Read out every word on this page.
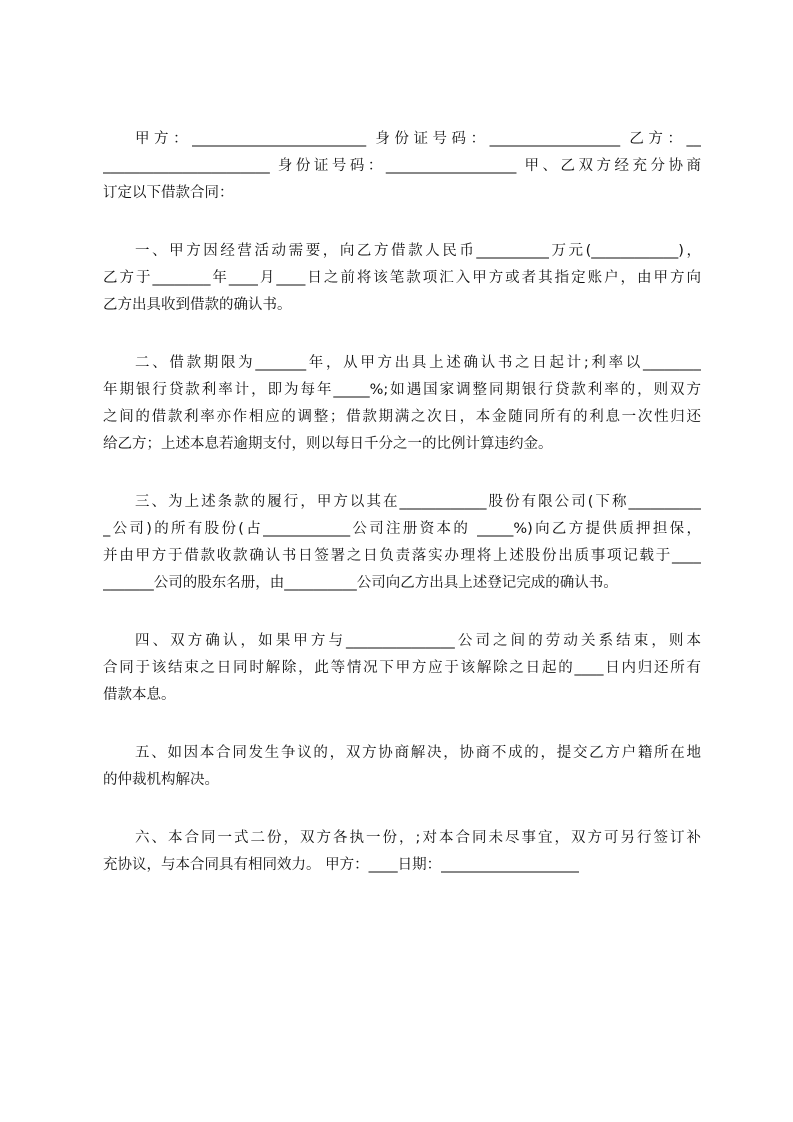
甲方：________________________ 身份证号码：__________________ 乙方：__
_______________________ 身份证号码：__________________ 甲、乙双方经充分协商
订定以下借款合同：
一、甲方因经营活动需要，向乙方借款人民币__________万元(____________)，
乙方于________年____月____日之前将该笔款项汇入甲方或者其指定账户，由甲方向
乙方出具收到借款的确认书。
二、借款期限为_______年，从甲方出具上述确认书之日起计;利率以________
年期银行贷款利率计，即为每年_____%;如遇国家调整同期银行贷款利率的，则双方
之间的借款利率亦作相应的调整；借款期满之次日，本金随同所有的利息一次性归还
给乙方；上述本息若逾期支付，则以每日千分之一的比例计算违约金。
三、为上述条款的履行，甲方以其在____________股份有限公司(下称__________
_公司)的所有股份(占____________公司注册资本的 _____%)向乙方提供质押担保，
并由甲方于借款收款确认书日签署之日负责落实办理将上述股份出质事项记载于____
_______公司的股东名册，由__________公司向乙方出具上述登记完成的确认书。
四、双方确认，如果甲方与_______________公司之间的劳动关系结束，则本
合同于该结束之日同时解除，此等情况下甲方应于该解除之日起的____日内归还所有
借款本息。
五、如因本合同发生争议的，双方协商解决，协商不成的，提交乙方户籍所在地
的仲裁机构解决。
六、本合同一式二份，双方各执一份，;对本合同未尽事宜，双方可另行签订补
充协议，与本合同具有相同效力。 甲方：____日期：___________________
